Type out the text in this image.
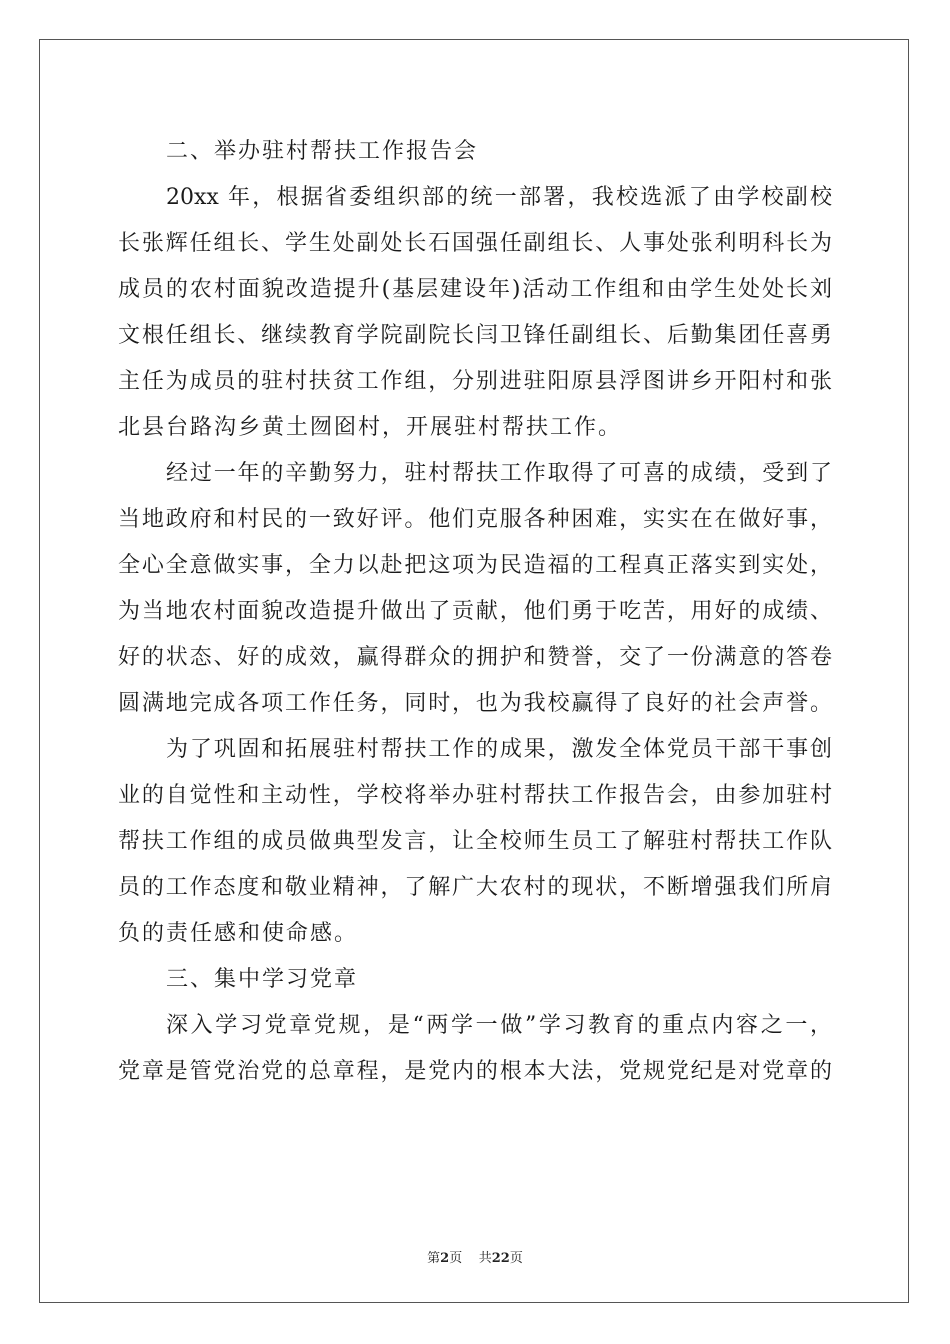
二、举办驻村帮扶工作报告会
20xx 年，根据省委组织部的统一部署，我校选派了由学校副校
长张辉任组长、学生处副处长石国强任副组长、人事处张利明科长为
成员的农村面貌改造提升(基层建设年)活动工作组和由学生处处长刘
文根任组长、继续教育学院副院长闫卫锋任副组长、后勤集团任喜勇
主任为成员的驻村扶贫工作组，分别进驻阳原县浮图讲乡开阳村和张
北县台路沟乡黄土囫囵村，开展驻村帮扶工作。
经过一年的辛勤努力，驻村帮扶工作取得了可喜的成绩，受到了
当地政府和村民的一致好评。他们克服各种困难，实实在在做好事，
全心全意做实事，全力以赴把这项为民造福的工程真正落实到实处，
为当地农村面貌改造提升做出了贡献，他们勇于吃苦，用好的成绩、
好的状态、好的成效，赢得群众的拥护和赞誉，交了一份满意的答卷
圆满地完成各项工作任务，同时，也为我校赢得了良好的社会声誉。
为了巩固和拓展驻村帮扶工作的成果，激发全体党员干部干事创
业的自觉性和主动性，学校将举办驻村帮扶工作报告会，由参加驻村
帮扶工作组的成员做典型发言，让全校师生员工了解驻村帮扶工作队
员的工作态度和敬业精神，了解广大农村的现状，不断增强我们所肩
负的责任感和使命感。
三、集中学习党章
深入学习党章党规，是“两学一做”学习教育的重点内容之一，
党章是管党治党的总章程，是党内的根本大法，党规党纪是对党章的
第2页 共22页
